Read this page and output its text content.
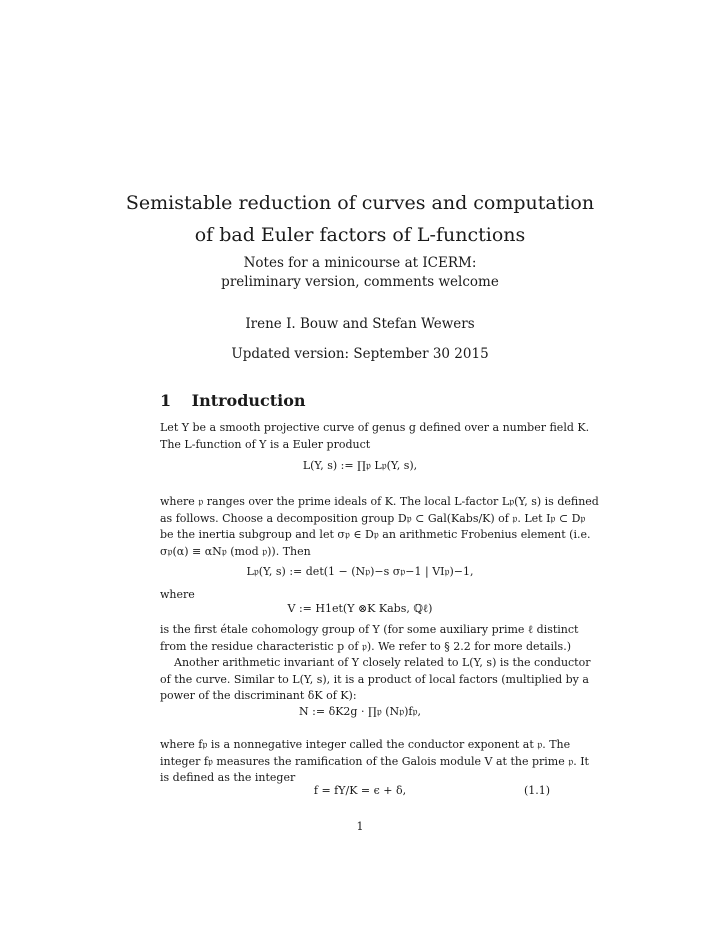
Semistable reduction of curves and computation
of bad Euler factors of L-functions
Notes for a minicourse at ICERM:
preliminary version, comments welcome
Irene I. Bouw and Stefan Wewers
Updated version: September 30 2015
1 Introduction
Let Y be a smooth projective curve of genus g defined over a number field K.
The L-function of Y is a Euler product
L(Y, s) := ∏𝔭 L𝔭(Y, s),
where 𝔭 ranges over the prime ideals of K. The local L-factor L𝔭(Y, s) is defined
as follows. Choose a decomposition group D𝔭 ⊂ Gal(Kabs/K) of 𝔭. Let I𝔭 ⊂ D𝔭
be the inertia subgroup and let σ𝔭 ∈ D𝔭 an arithmetic Frobenius element (i.e.
σ𝔭(α) ≡ αN𝔭 (mod 𝔭)). Then
L𝔭(Y, s) := det(1 − (N𝔭)−s σ𝔭−1 | VI𝔭)−1,
where
V := H1et(Y ⊗K Kabs, ℚℓ)
is the first étale cohomology group of Y (for some auxiliary prime ℓ distinct
from the residue characteristic p of 𝔭). We refer to § 2.2 for more details.)
Another arithmetic invariant of Y closely related to L(Y, s) is the conductor
of the curve. Similar to L(Y, s), it is a product of local factors (multiplied by a
power of the discriminant δK of K):
N := δK2g · ∏𝔭 (N𝔭)f𝔭,
where f𝔭 is a nonnegative integer called the conductor exponent at 𝔭. The
integer f𝔭 measures the ramification of the Galois module V at the prime 𝔭. It
is defined as the integer
f = fY/K = ϵ + δ,	(1.1)
1
